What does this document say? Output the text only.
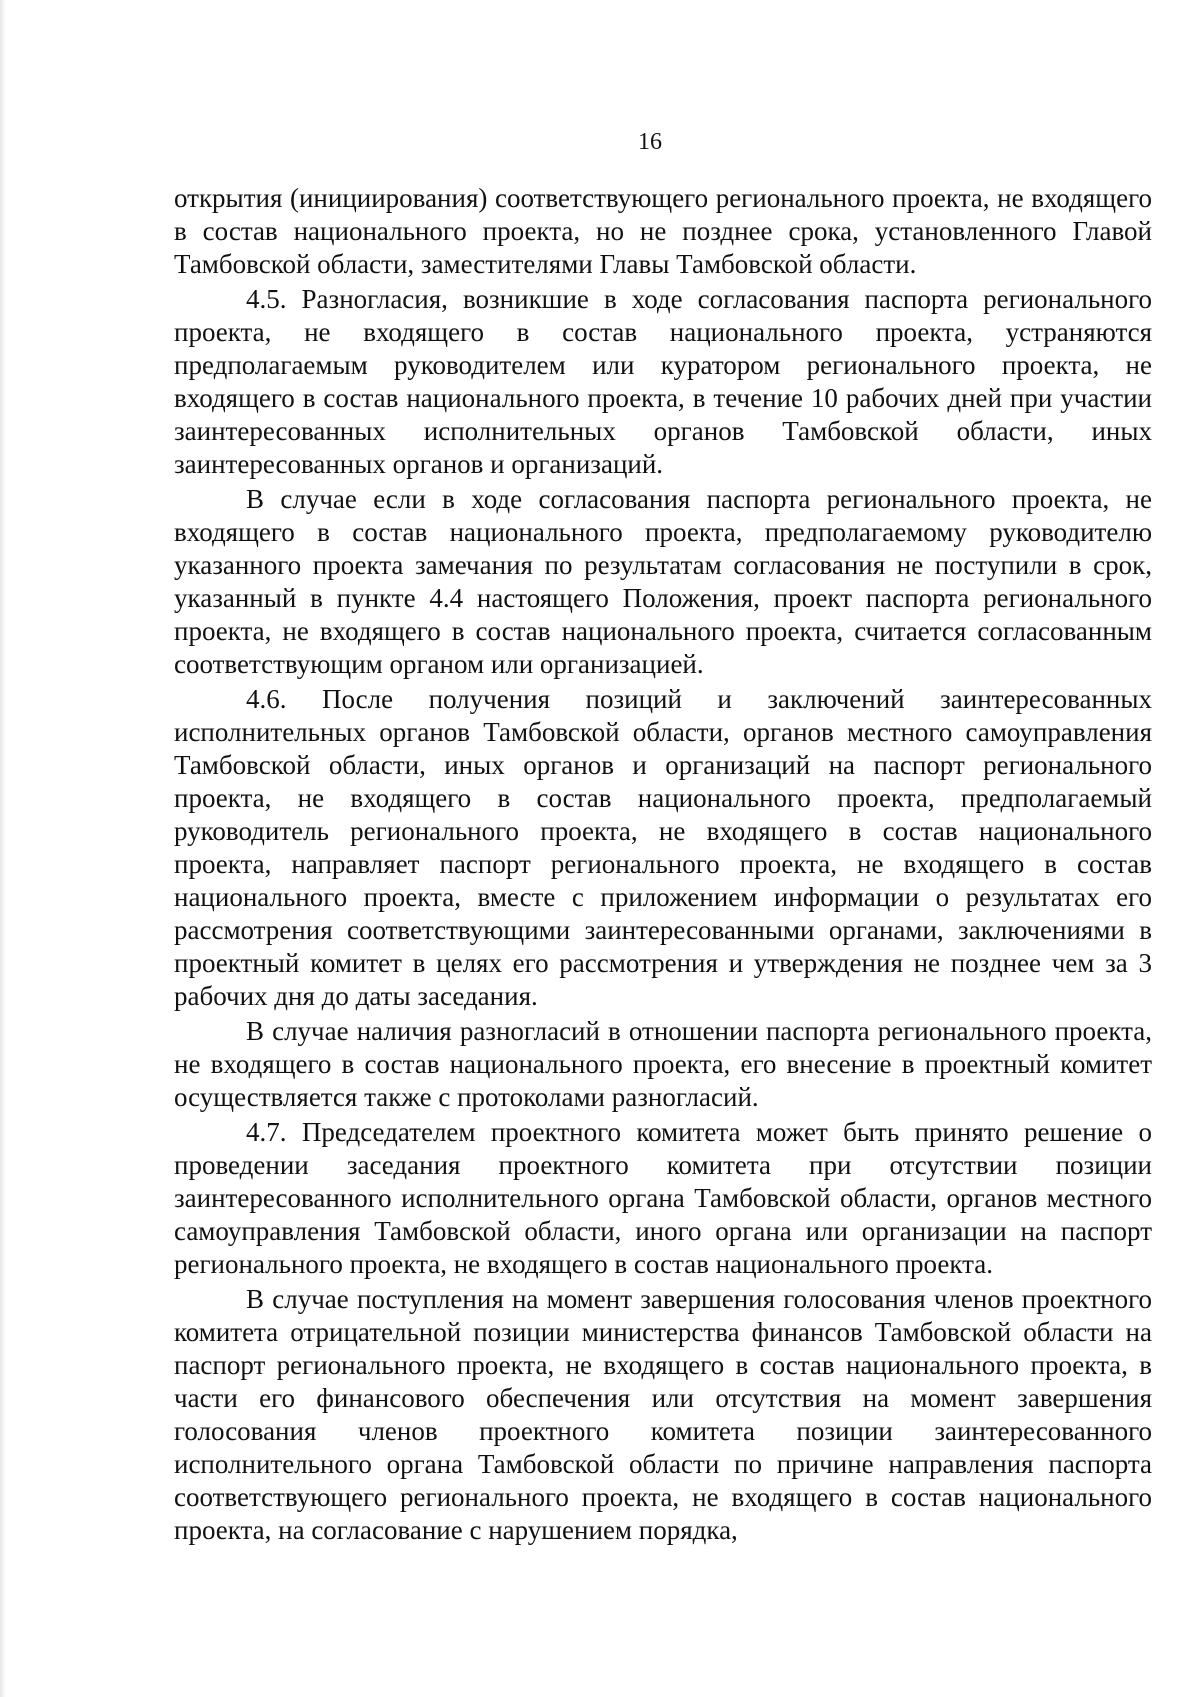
16

открытия (инициирования) соответствующего регионального проекта, не входящего в состав национального проекта, но не позднее срока, установленного Главой Тамбовской области, заместителями Главы Тамбовской области.

4.5. Разногласия, возникшие в ходе согласования паспорта регионального проекта, не входящего в состав национального проекта, устраняются предполагаемым руководителем или куратором регионального проекта, не входящего в состав национального проекта, в течение 10 рабочих дней при участии заинтересованных исполнительных органов Тамбовской области, иных заинтересованных органов и организаций.

В случае если в ходе согласования паспорта регионального проекта, не входящего в состав национального проекта, предполагаемому руководителю указанного проекта замечания по результатам согласования не поступили в срок, указанный в пункте 4.4 настоящего Положения, проект паспорта регионального проекта, не входящего в состав национального проекта, считается согласованным соответствующим органом или организацией.

4.6. После получения позиций и заключений заинтересованных исполнительных органов Тамбовской области, органов местного самоуправления Тамбовской области, иных органов и организаций на паспорт регионального проекта, не входящего в состав национального проекта, предполагаемый руководитель регионального проекта, не входящего в состав национального проекта, направляет паспорт регионального проекта, не входящего в состав национального проекта, вместе с приложением информации о результатах его рассмотрения соответствующими заинтересованными органами, заключениями в проектный комитет в целях его рассмотрения и утверждения не позднее чем за 3 рабочих дня до даты заседания.

В случае наличия разногласий в отношении паспорта регионального проекта, не входящего в состав национального проекта, его внесение в проектный комитет осуществляется также с протоколами разногласий.

4.7. Председателем проектного комитета может быть принято решение о проведении заседания проектного комитета при отсутствии позиции заинтересованного исполнительного органа Тамбовской области, органов местного самоуправления Тамбовской области, иного органа или организации на паспорт регионального проекта, не входящего в состав национального проекта.

В случае поступления на момент завершения голосования членов проектного комитета отрицательной позиции министерства финансов Тамбовской области на паспорт регионального проекта, не входящего в состав национального проекта, в части его финансового обеспечения или отсутствия на момент завершения голосования членов проектного комитета позиции заинтересованного исполнительного органа Тамбовской области по причине направления паспорта соответствующего регионального проекта, не входящего в состав национального проекта, на согласование с нарушением порядка,
